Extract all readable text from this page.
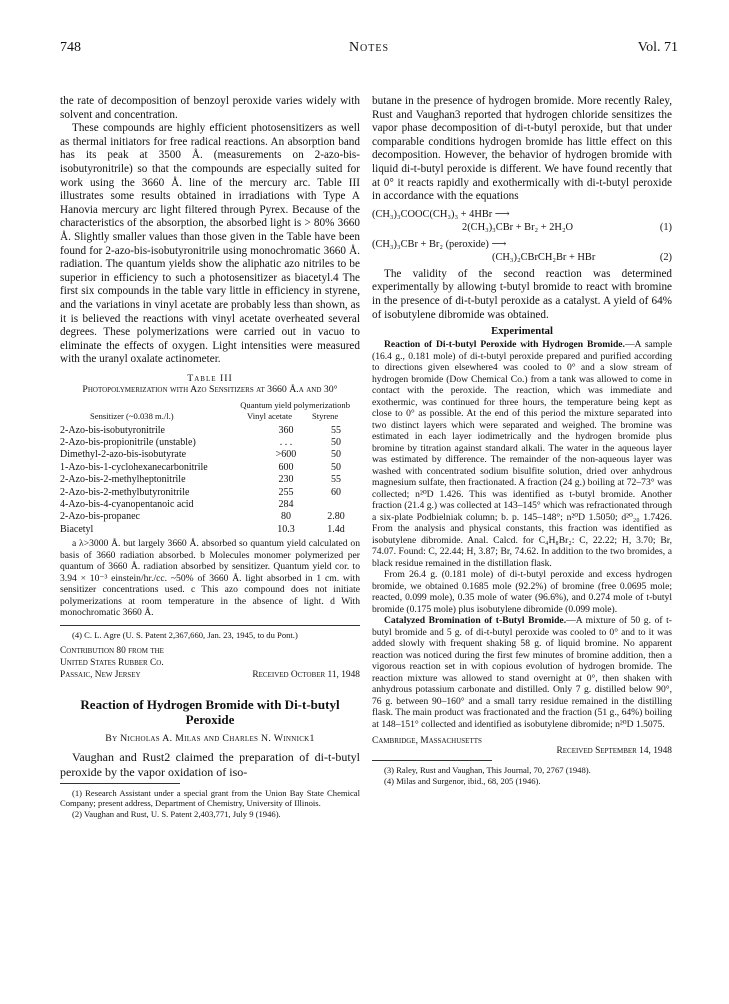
748	Notes	Vol. 71

the rate of decomposition of benzoyl peroxide varies widely with solvent and concentration.

These compounds are highly efficient photosensitizers as well as thermal initiators for free radical reactions. An absorption band has its peak at 3500 Å. (measurements on 2-azo-bis-isobutyronitrile) so that the compounds are especially suited for work using the 3660 Å. line of the mercury arc. Table III illustrates some results obtained in irradiations with Type A Hanovia mercury arc light filtered through Pyrex. Because of the characteristics of the absorption, the absorbed light is > 80% 3660 Å. Slightly smaller values than those given in the Table have been found for 2-azo-bis-isobutyronitrile using monochromatic 3660 Å. radiation. The quantum yields show the aliphatic azo nitriles to be superior in efficiency to such a photosensitizer as biacetyl.4 The first six compounds in the table vary little in efficiency in styrene, and the variations in vinyl acetate are probably less than shown, as it is believed the reactions with vinyl acetate overheated several degrees. These polymerizations were carried out in vacuo to eliminate the effects of oxygen. Light intensities were measured with the uranyl oxalate actinometer.

Table III
Photopolymerization with Azo Sensitizers at 3660 Å.a and 30°
Quantum yield polymerizationb
Sensitizer (~0.038 m./l.)	Vinyl acetate Styrene
2-Azo-bis-isobutyronitrile	360	55
2-Azo-bis-propionitrile (unstable)	. . .	50
Dimethyl-2-azo-bis-isobutyrate	>600	50
1-Azo-bis-1-cyclohexanecarbonitrile	600	50
2-Azo-bis-2-methylheptonitrile	230	55
2-Azo-bis-2-methylbutyronitrile	255	60
4-Azo-bis-4-cyanopentanoic acid	284	
2-Azo-bis-propanec	80	2.80
Biacetyl	10.3	1.4d

a λ>3000 Å. but largely 3660 Å. absorbed so quantum yield calculated on basis of 3660 radiation absorbed. b Molecules monomer polymerized per quantum of 3660 Å. radiation absorbed by sensitizer. Quantum yield cor. to 3.94 × 10⁻³ einstein/hr./cc. ~50% of 3660 Å. light absorbed in 1 cm. with sensitizer concentrations used. c This azo compound does not initiate polymerizations at room temperature in the absence of light. d With monochromatic 3660 Å.

(4) C. L. Agre (U. S. Patent 2,367,660, Jan. 23, 1945, to du Pont.)

Contribution 80 from the
United States Rubber Co.
Passaic, New Jersey	Received October 11, 1948
Reaction of Hydrogen Bromide with Di-t-butyl Peroxide
By Nicholas A. Milas and Charles N. Winnick1

Vaughan and Rust2 claimed the preparation of di-t-butyl peroxide by the vapor oxidation of iso-

(1) Research Assistant under a special grant from the Union Bay State Chemical Company; present address, Department of Chemistry, University of Illinois.

(2) Vaughan and Rust, U. S. Patent 2,403,771, July 9 (1946).

butane in the presence of hydrogen bromide. More recently Raley, Rust and Vaughan3 reported that hydrogen chloride sensitizes the vapor phase decomposition of di-t-butyl peroxide, but that under comparable conditions hydrogen bromide has little effect on this decomposition. However, the behavior of hydrogen bromide with liquid di-t-butyl peroxide is different. We have found recently that at 0° it reacts rapidly and exothermically with di-t-butyl peroxide in accordance with the equations

(CH₃)₃COOC(CH₃)₃ + 4HBr ⟶
2(CH₃)₃CBr + Br₂ + 2H₂O	(1)
(CH₃)₃CBr + Br₂ (peroxide) ⟶
(CH₃)₂CBrCH₂Br + HBr	(2)

The validity of the second reaction was determined experimentally by allowing t-butyl bromide to react with bromine in the presence of di-t-butyl peroxide as a catalyst. A yield of 64% of isobutylene dibromide was obtained.

Experimental

Reaction of Di-t-butyl Peroxide with Hydrogen Bromide.—A sample (16.4 g., 0.181 mole) of di-t-butyl peroxide prepared and purified according to directions given elsewhere4 was cooled to 0° and a slow stream of hydrogen bromide (Dow Chemical Co.) from a tank was allowed to come in contact with the peroxide. The reaction, which was immediate and exothermic, was continued for three hours, the temperature being kept as close to 0° as possible. At the end of this period the mixture separated into two distinct layers which were separated and weighed. The bromine was estimated in each layer iodimetrically and the hydrogen bromide plus bromine by titration against standard alkali. The water in the aqueous layer was estimated by difference. The remainder of the non-aqueous layer was washed with concentrated sodium bisulfite solution, dried over anhydrous magnesium sulfate, then fractionated. A fraction (24 g.) boiling at 72–73° was collected; n²⁰D 1.426. This was identified as t-butyl bromide. Another fraction (21.4 g.) was collected at 143–145° which was refractionated through a six-plate Podbielniak column; b. p. 145–148°; n²⁰D 1.5050; d²⁰₂₀ 1.7426. From the analysis and physical constants, this fraction was identified as isobutylene dibromide. Anal. Calcd. for C₄H₈Br₂: C, 22.22; H, 3.70; Br, 74.07. Found: C, 22.44; H, 3.87; Br, 74.62. In addition to the two bromides, a black residue remained in the distillation flask.

From 26.4 g. (0.181 mole) of di-t-butyl peroxide and excess hydrogen bromide, we obtained 0.1685 mole (92.2%) of bromine (free 0.0695 mole; reacted, 0.099 mole), 0.35 mole of water (96.6%), and 0.274 mole of t-butyl bromide (0.175 mole) plus isobutylene dibromide (0.099 mole).

Catalyzed Bromination of t-Butyl Bromide.—A mixture of 50 g. of t-butyl bromide and 5 g. of di-t-butyl peroxide was cooled to 0° and to it was added slowly with frequent shaking 58 g. of liquid bromine. No apparent reaction was noticed during the first few minutes of bromine addition, then a vigorous reaction set in with copious evolution of hydrogen bromide. The reaction mixture was allowed to stand overnight at 0°, then shaken with anhydrous potassium carbonate and distilled. Only 7 g. distilled below 90°, 76 g. between 90–160° and a small tarry residue remained in the distilling flask. The main product was fractionated and the fraction (51 g., 64%) boiling at 148–151° collected and identified as isobutylene dibromide; n²⁰D 1.5075.

Cambridge, Massachusetts
Received September 14, 1948

(3) Raley, Rust and Vaughan, This Journal, 70, 2767 (1948).

(4) Milas and Surgenor, ibid., 68, 205 (1946).
